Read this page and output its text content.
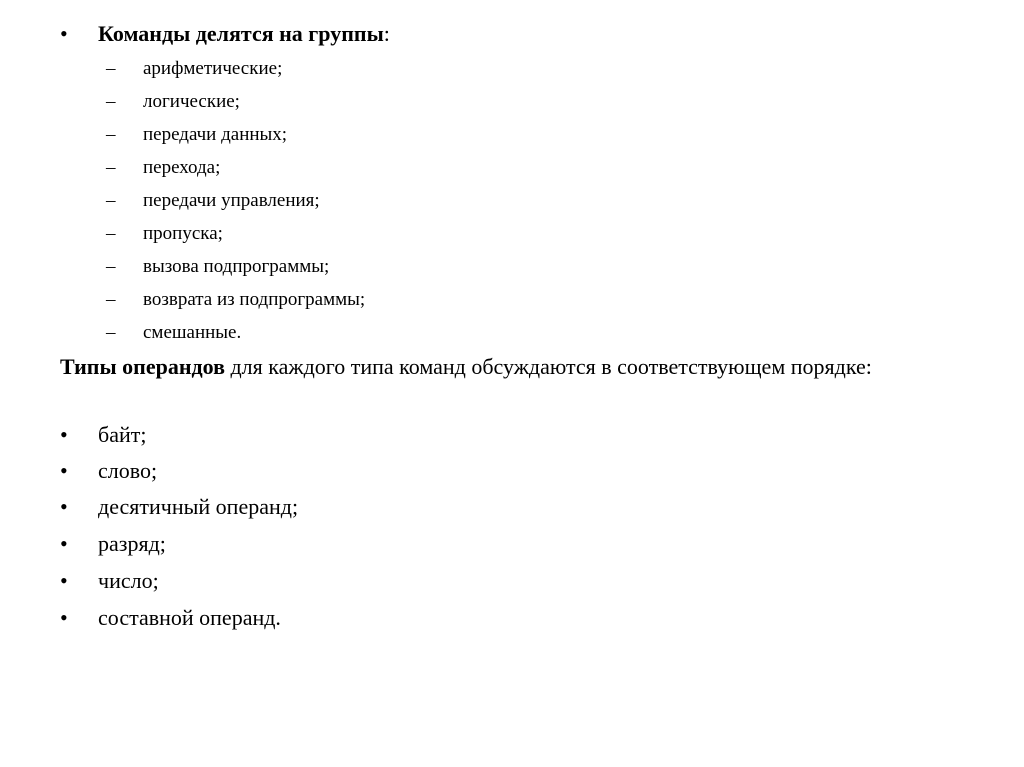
• Команды делятся на группы:
– арифметические;
– логические;
– передачи данных;
– перехода;
– передачи управления;
– пропуска;
– вызова подпрограммы;
– возврата из подпрограммы;
– смешанные.
Типы операндов для каждого типа команд обсуждаются в соответствующем порядке:
• байт;
• слово;
• десятичный операнд;
• разряд;
• число;
• составной операнд.
